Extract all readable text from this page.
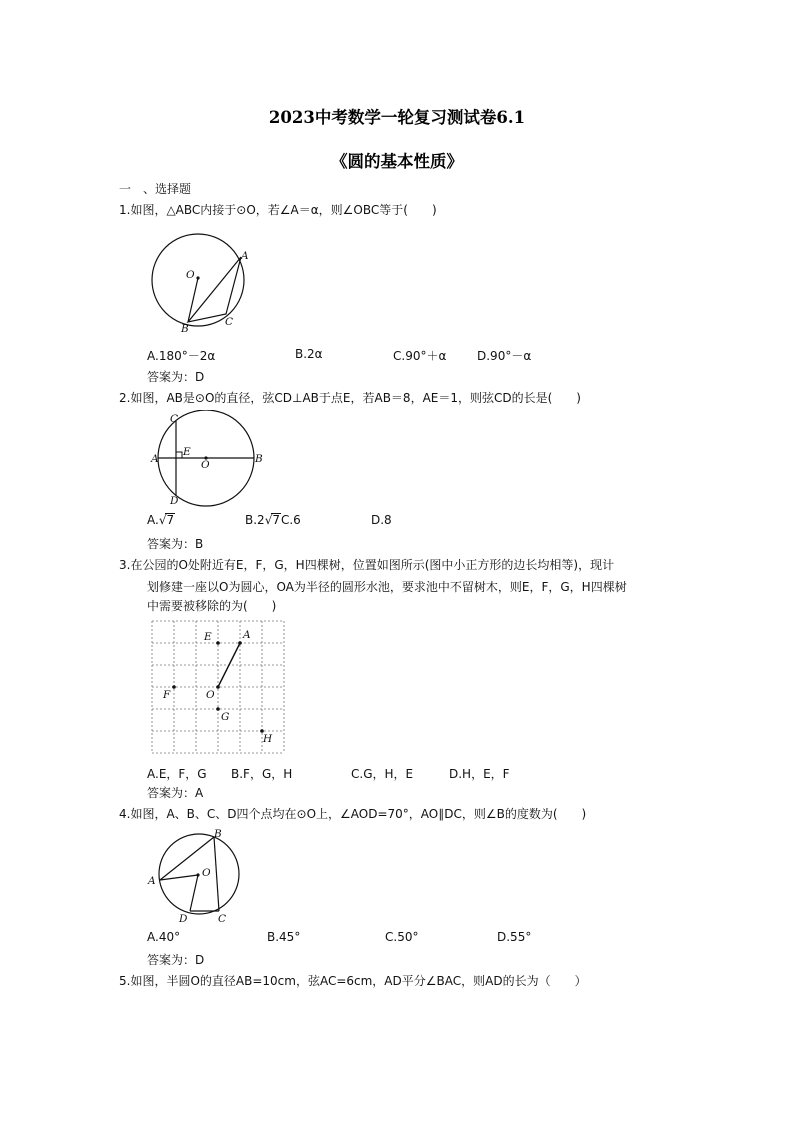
2023中考数学一轮复习测试卷6.1
《圆的基本性质》
一　、选择题
1.如图，△ABC内接于⊙O，若∠A＝α，则∠OBC等于(　　)
O
A
B
C
A.180°－2α	B.2α	C.90°＋α	D.90°－α
答案为：D
2.如图，AB是⊙O的直径，弦CD⊥AB于点E，若AB＝8，AE＝1，则弦CD的长是(　　)
C
E
A	O	B
D
A.√7	B.2√7C.6	D.8
答案为：B
3.在公园的O处附近有E，F，G，H四棵树，位置如图所示(图中小正方形的边长均相等)，现计
划修建一座以O为圆心，OA为半径的圆形水池，要求池中不留树木，则E，F，G，H四棵树
中需要被移除的为(　　)
E	A
F	O
G
H
A.E，F，G B.F，G，H	C.G，H，E	D.H，E，F
答案为：A
4.如图，A、B、C、D四个点均在⊙O上，∠AOD=70°，AO∥DC，则∠B的度数为(　　)
B
A
O
D	C
A.40°	B.45°	C.50°	D.55°
答案为：D
5.如图，半圆O的直径AB=10cm，弦AC=6cm，AD平分∠BAC，则AD的长为（　　）
